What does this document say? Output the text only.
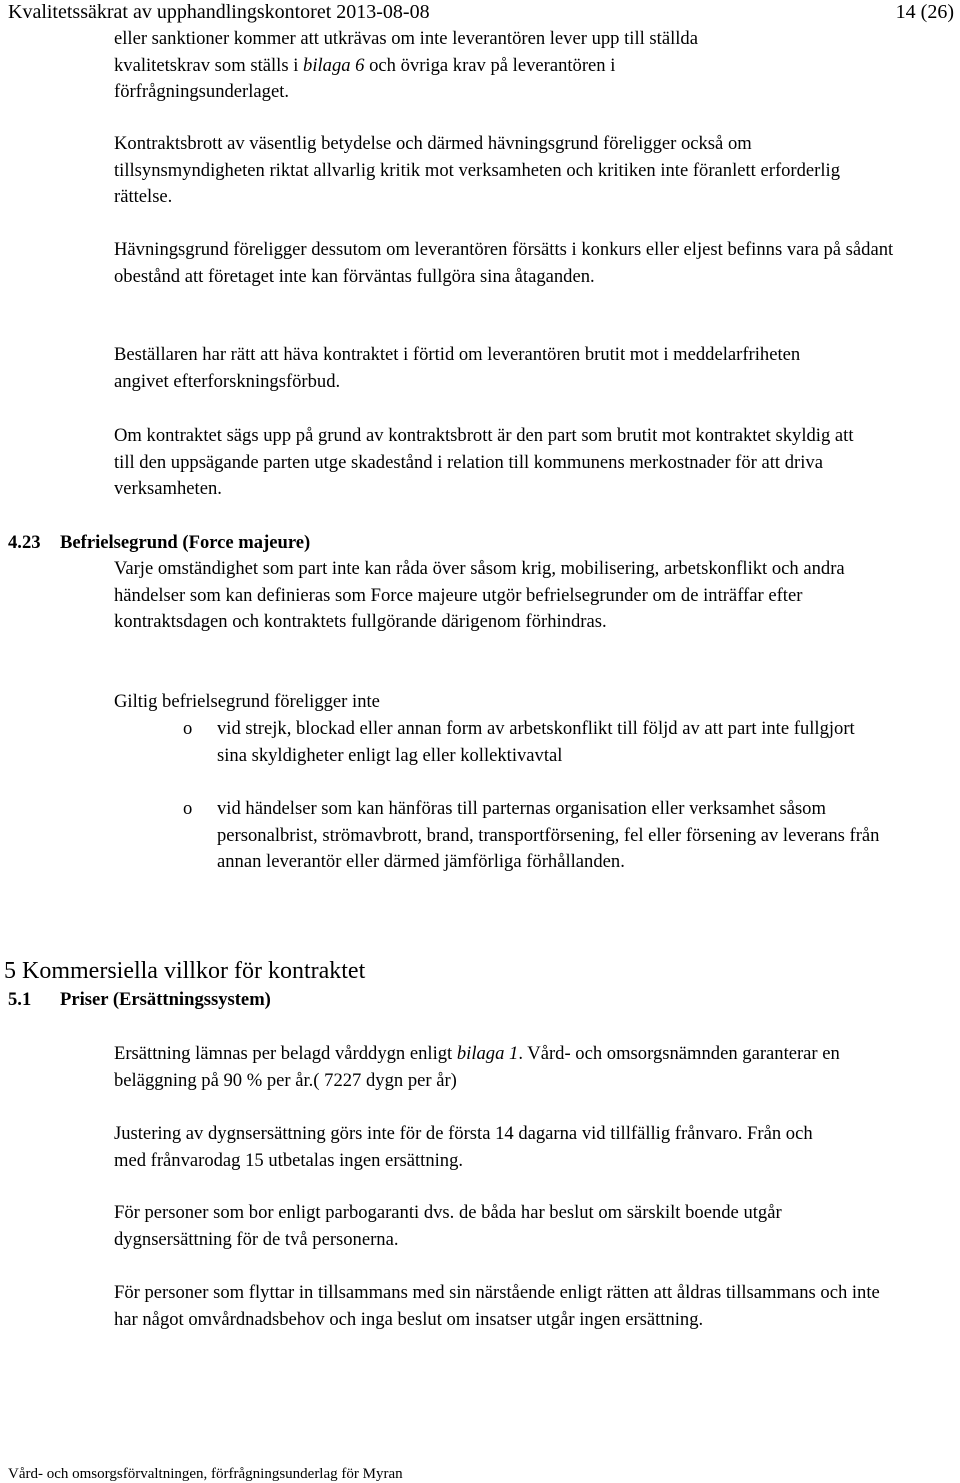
Kvalitetssäkrat av upphandlingskontoret 2013-08-08	14 (26)

eller sanktioner kommer att utkrävas om inte leverantören lever upp till ställda
kvalitetskrav som ställs i bilaga 6 och övriga krav på leverantören i
förfrågningsunderlaget.

Kontraktsbrott av väsentlig betydelse och därmed hävningsgrund föreligger också om tillsynsmyndigheten riktat allvarlig kritik mot verksamheten och kritiken inte föranlett erforderlig rättelse.

Hävningsgrund föreligger dessutom om leverantören försätts i konkurs eller eljest befinns vara på sådant obestånd att företaget inte kan förväntas fullgöra sina åtaganden.

Beställaren har rätt att häva kontraktet i förtid om leverantören brutit mot i meddelarfriheten angivet efterforskningsförbud.

Om kontraktet sägs upp på grund av kontraktsbrott är den part som brutit mot kontraktet skyldig att till den uppsägande parten utge skadestånd i relation till kommunens merkostnader för att driva verksamheten.

4.23 Befrielsegrund (Force majeure)

Varje omständighet som part inte kan råda över såsom krig, mobilisering, arbetskonflikt och andra händelser som kan definieras som Force majeure utgör befrielsegrunder om de inträffar efter kontraktsdagen och kontraktets fullgörande därigenom förhindras.

Giltig befrielsegrund föreligger inte

o vid strejk, blockad eller annan form av arbetskonflikt till följd av att part inte fullgjort sina skyldigheter enligt lag eller kollektivavtal
o vid händelser som kan hänföras till parternas organisation eller verksamhet såsom personalbrist, strömavbrott, brand, transportförsening, fel eller försening av leverans från annan leverantör eller därmed jämförliga förhållanden.
5 Kommersiella villkor för kontraktet
5.1 Priser (Ersättningssystem)

Ersättning lämnas per belagd vårddygn enligt bilaga 1. Vård- och omsorgsnämnden garanterar en beläggning på 90 % per år.( 7227 dygn per år)

Justering av dygnsersättning görs inte för de första 14 dagarna vid tillfällig frånvaro. Från och med frånvarodag 15 utbetalas ingen ersättning.

För personer som bor enligt parbogaranti dvs. de båda har beslut om särskilt boende utgår dygnsersättning för de två personerna.

För personer som flyttar in tillsammans med sin närstående enligt rätten att åldras tillsammans och inte har något omvårdnadsbehov och inga beslut om insatser utgår ingen ersättning.

Vård- och omsorgsförvaltningen, förfrågningsunderlag för Myran
